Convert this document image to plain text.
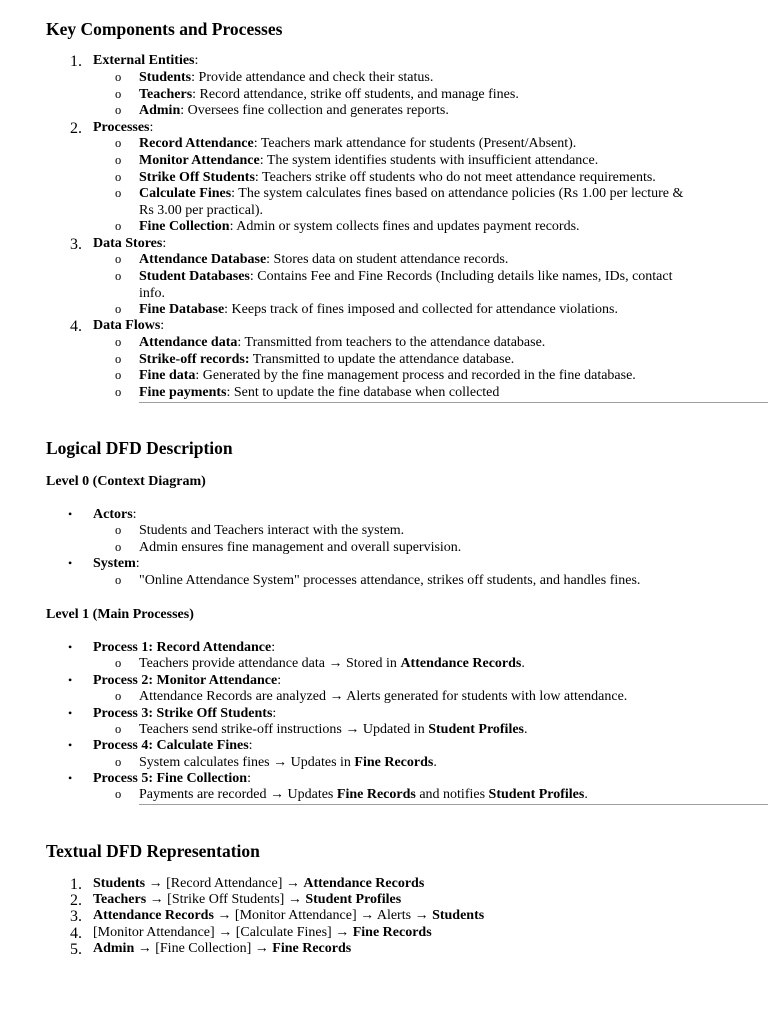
Key Components and Processes
1. External Entities:

o Students: Provide attendance and check their status.

o Teachers: Record attendance, strike off students, and manage fines.

o Admin: Oversees fine collection and generates reports.

2. Processes:

o Record Attendance: Teachers mark attendance for students (Present/Absent).

o Monitor Attendance: The system identifies students with insufficient attendance.

o Strike Off Students: Teachers strike off students who do not meet attendance requirements.

o Calculate Fines: The system calculates fines based on attendance policies (Rs 1.00 per lecture &

Rs 3.00 per practical).

o Fine Collection: Admin or system collects fines and updates payment records.

3. Data Stores:

o Attendance Database: Stores data on student attendance records.

o Student Databases: Contains Fee and Fine Records (Including details like names, IDs, contact

info.

o Fine Database: Keeps track of fines imposed and collected for attendance violations.

4. Data Flows:

o Attendance data: Transmitted from teachers to the attendance database.

o Strike-off records: Transmitted to update the attendance database.

o Fine data: Generated by the fine management process and recorded in the fine database.

o Fine payments: Sent to update the fine database when collected

Logical DFD Description
Level 0 (Context Diagram)
• Actors:

o Students and Teachers interact with the system.

o Admin ensures fine management and overall supervision.

• System:

o "Online Attendance System" processes attendance, strikes off students, and handles fines.

Level 1 (Main Processes)
• Process 1: Record Attendance:

o Teachers provide attendance data → Stored in Attendance Records.

• Process 2: Monitor Attendance:

o Attendance Records are analyzed → Alerts generated for students with low attendance.

• Process 3: Strike Off Students:

o Teachers send strike-off instructions → Updated in Student Profiles.

• Process 4: Calculate Fines:

o System calculates fines → Updates in Fine Records.

• Process 5: Fine Collection:

o Payments are recorded → Updates Fine Records and notifies Student Profiles.

Textual DFD Representation
1. Students → [Record Attendance] → Attendance Records

2. Teachers → [Strike Off Students] → Student Profiles

3. Attendance Records → [Monitor Attendance] → Alerts → Students

4. [Monitor Attendance] → [Calculate Fines] → Fine Records

5. Admin → [Fine Collection] → Fine Records
